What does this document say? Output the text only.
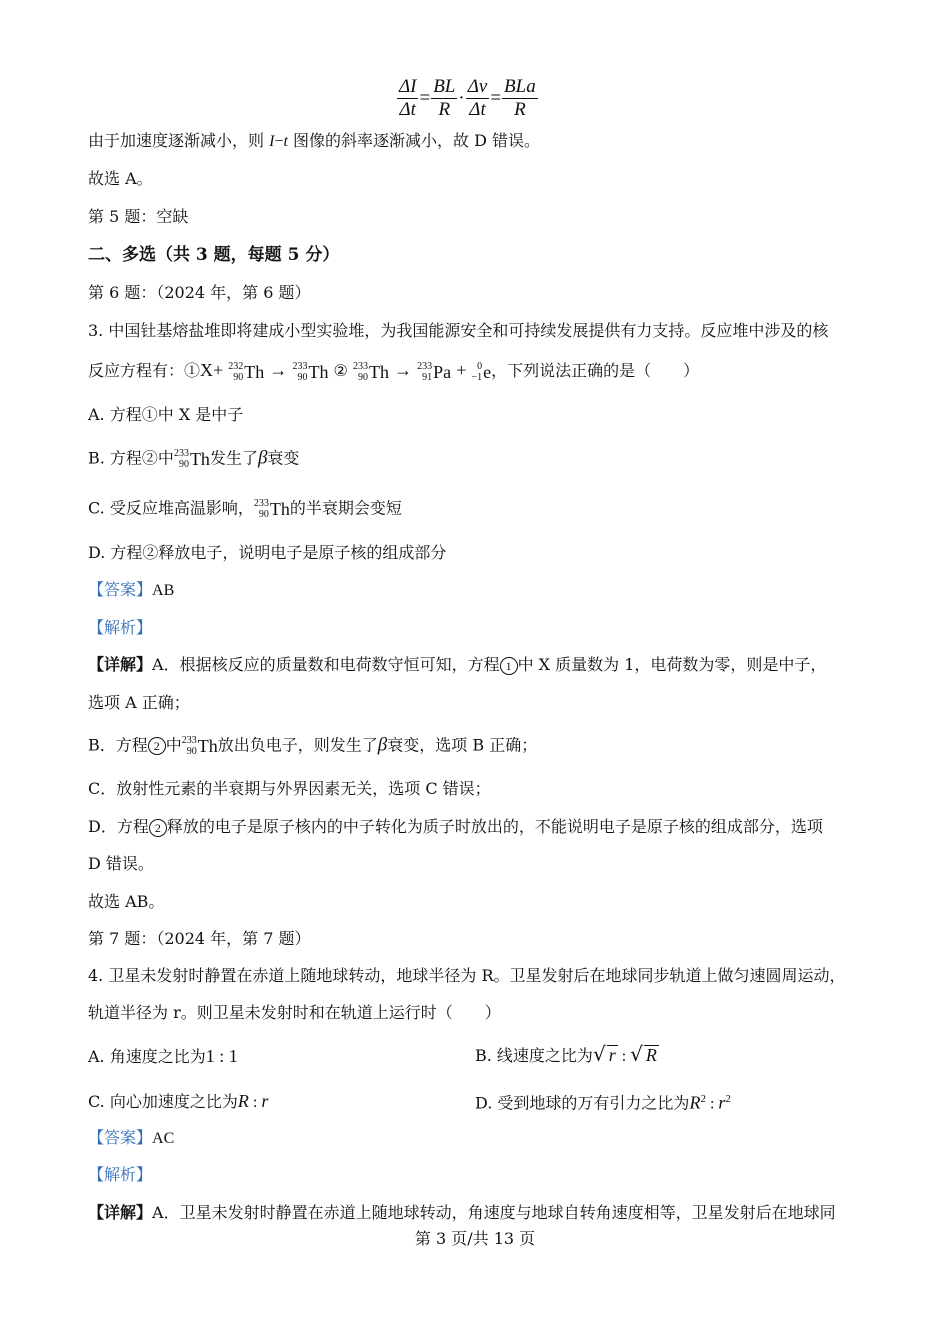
$\frac{\Delta I}{\Delta t} = \frac{BL}{R} \cdot \frac{\Delta v}{\Delta t} = \frac{\text{BLa}}{R}$
由于加速度逐渐减小，则 I−t 图像的斜率逐渐减小，故 D 错误。
故选 A。
第 5 题：空缺
二、多选（共 3 题，每题 5 分）
第 6 题：（2024 年，第 6 题）
3. 中国钍基熔盐堆即将建成小型实验堆，为我国能源安全和可持续发展提供有力支持。反应堆中涉及的核
反应方程有：①X+ 232
90 Th → 233
90 Th ② 233
90 Th → 233
91 Pa + 0
−1 e ，下列说法正确的是（　　）
A. 方程①中 X 是中子
B. 方程②中 233
90 Th 发生了β衰变
C. 受反应堆高温影响， 233
90 Th 的半衰期会变短
D. 方程②释放电子，说明电子是原子核的组成部分
【答案】AB
【解析】
【详解】A．根据核反应的质量数和电荷数守恒可知，方程 1 中 X 质量数为 1，电荷数为零，则是中子，
选项 A 正确；
B．方程 2 中 233
90 Th 放出负电子，则发生了β衰变，选项 B 正确；
C．放射性元素的半衰期与外界因素无关，选项 C 错误；
D．方程 2 释放的电子是原子核内的中子转化为质子时放出的，不能说明电子是原子核的组成部分，选项
D 错误。
故选 AB。
第 7 题：（2024 年，第 7 题）
4. 卫星未发射时静置在赤道上随地球转动，地球半径为 R。卫星发射后在地球同步轨道上做匀速圆周运动，
轨道半径为 r。则卫星未发射时和在轨道上运行时（　　）
A. 角速度之比为1 : 1	B. 线速度之比为√ r : √ R
C. 向心加速度之比为R : r	D. 受到地球的万有引力之比为$R^2$ : $r^2$
【答案】AC
【解析】
【详解】A．卫星未发射时静置在赤道上随地球转动，角速度与地球自转角速度相等，卫星发射后在地球同
第 3 页/共 13 页
